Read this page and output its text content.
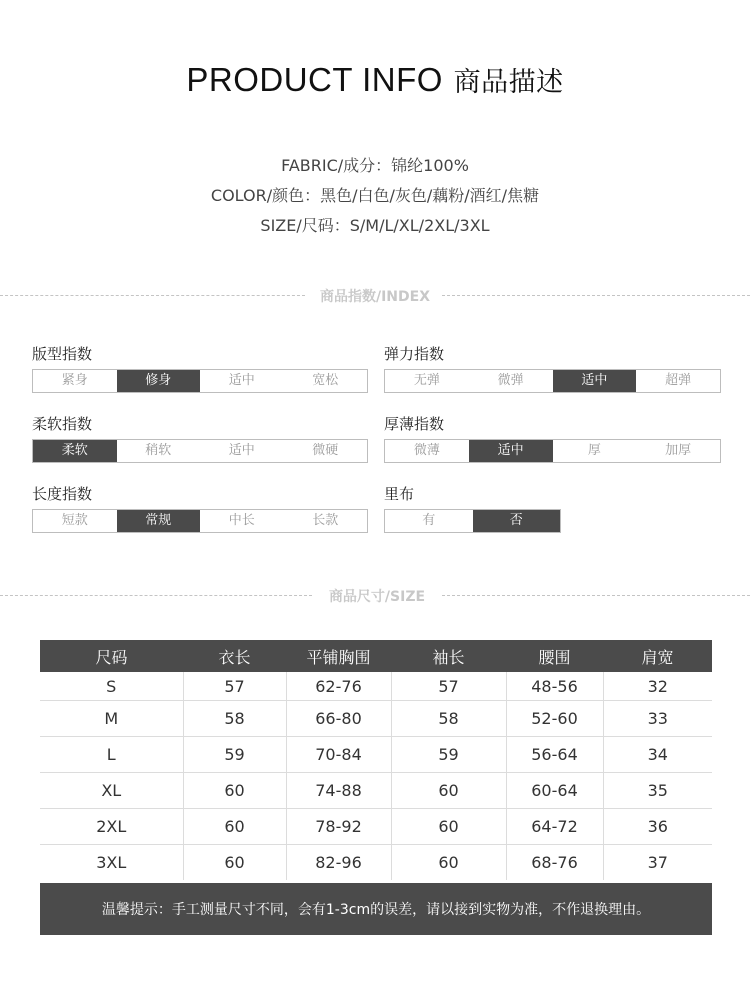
PRODUCT INFO 商品描述
FABRIC/成分：锦纶100%
COLOR/颜色：黑色/白色/灰色/藕粉/酒红/焦糖
SIZE/尺码：S/M/L/XL/2XL/3XL
商品指数/INDEX
版型指数
紧身	修身	适中	宽松
弹力指数
无弹	微弹	适中	超弹
柔软指数
柔软	稍软	适中	微硬
厚薄指数
微薄	适中	厚	加厚
长度指数
短款	常规	中长	长款
里布
有	否
商品尺寸/SIZE
尺码	衣长	平铺胸围	袖长	腰围	肩宽
S	57	62-76	57	48-56	32
M	58	66-80	58	52-60	33
L	59	70-84	59	56-64	34
XL	60	74-88	60	60-64	35
2XL	60	78-92	60	64-72	36
3XL	60	82-96	60	68-76	37
温馨提示：手工测量尺寸不同，会有1-3cm的误差，请以接到实物为准，不作退换理由。
